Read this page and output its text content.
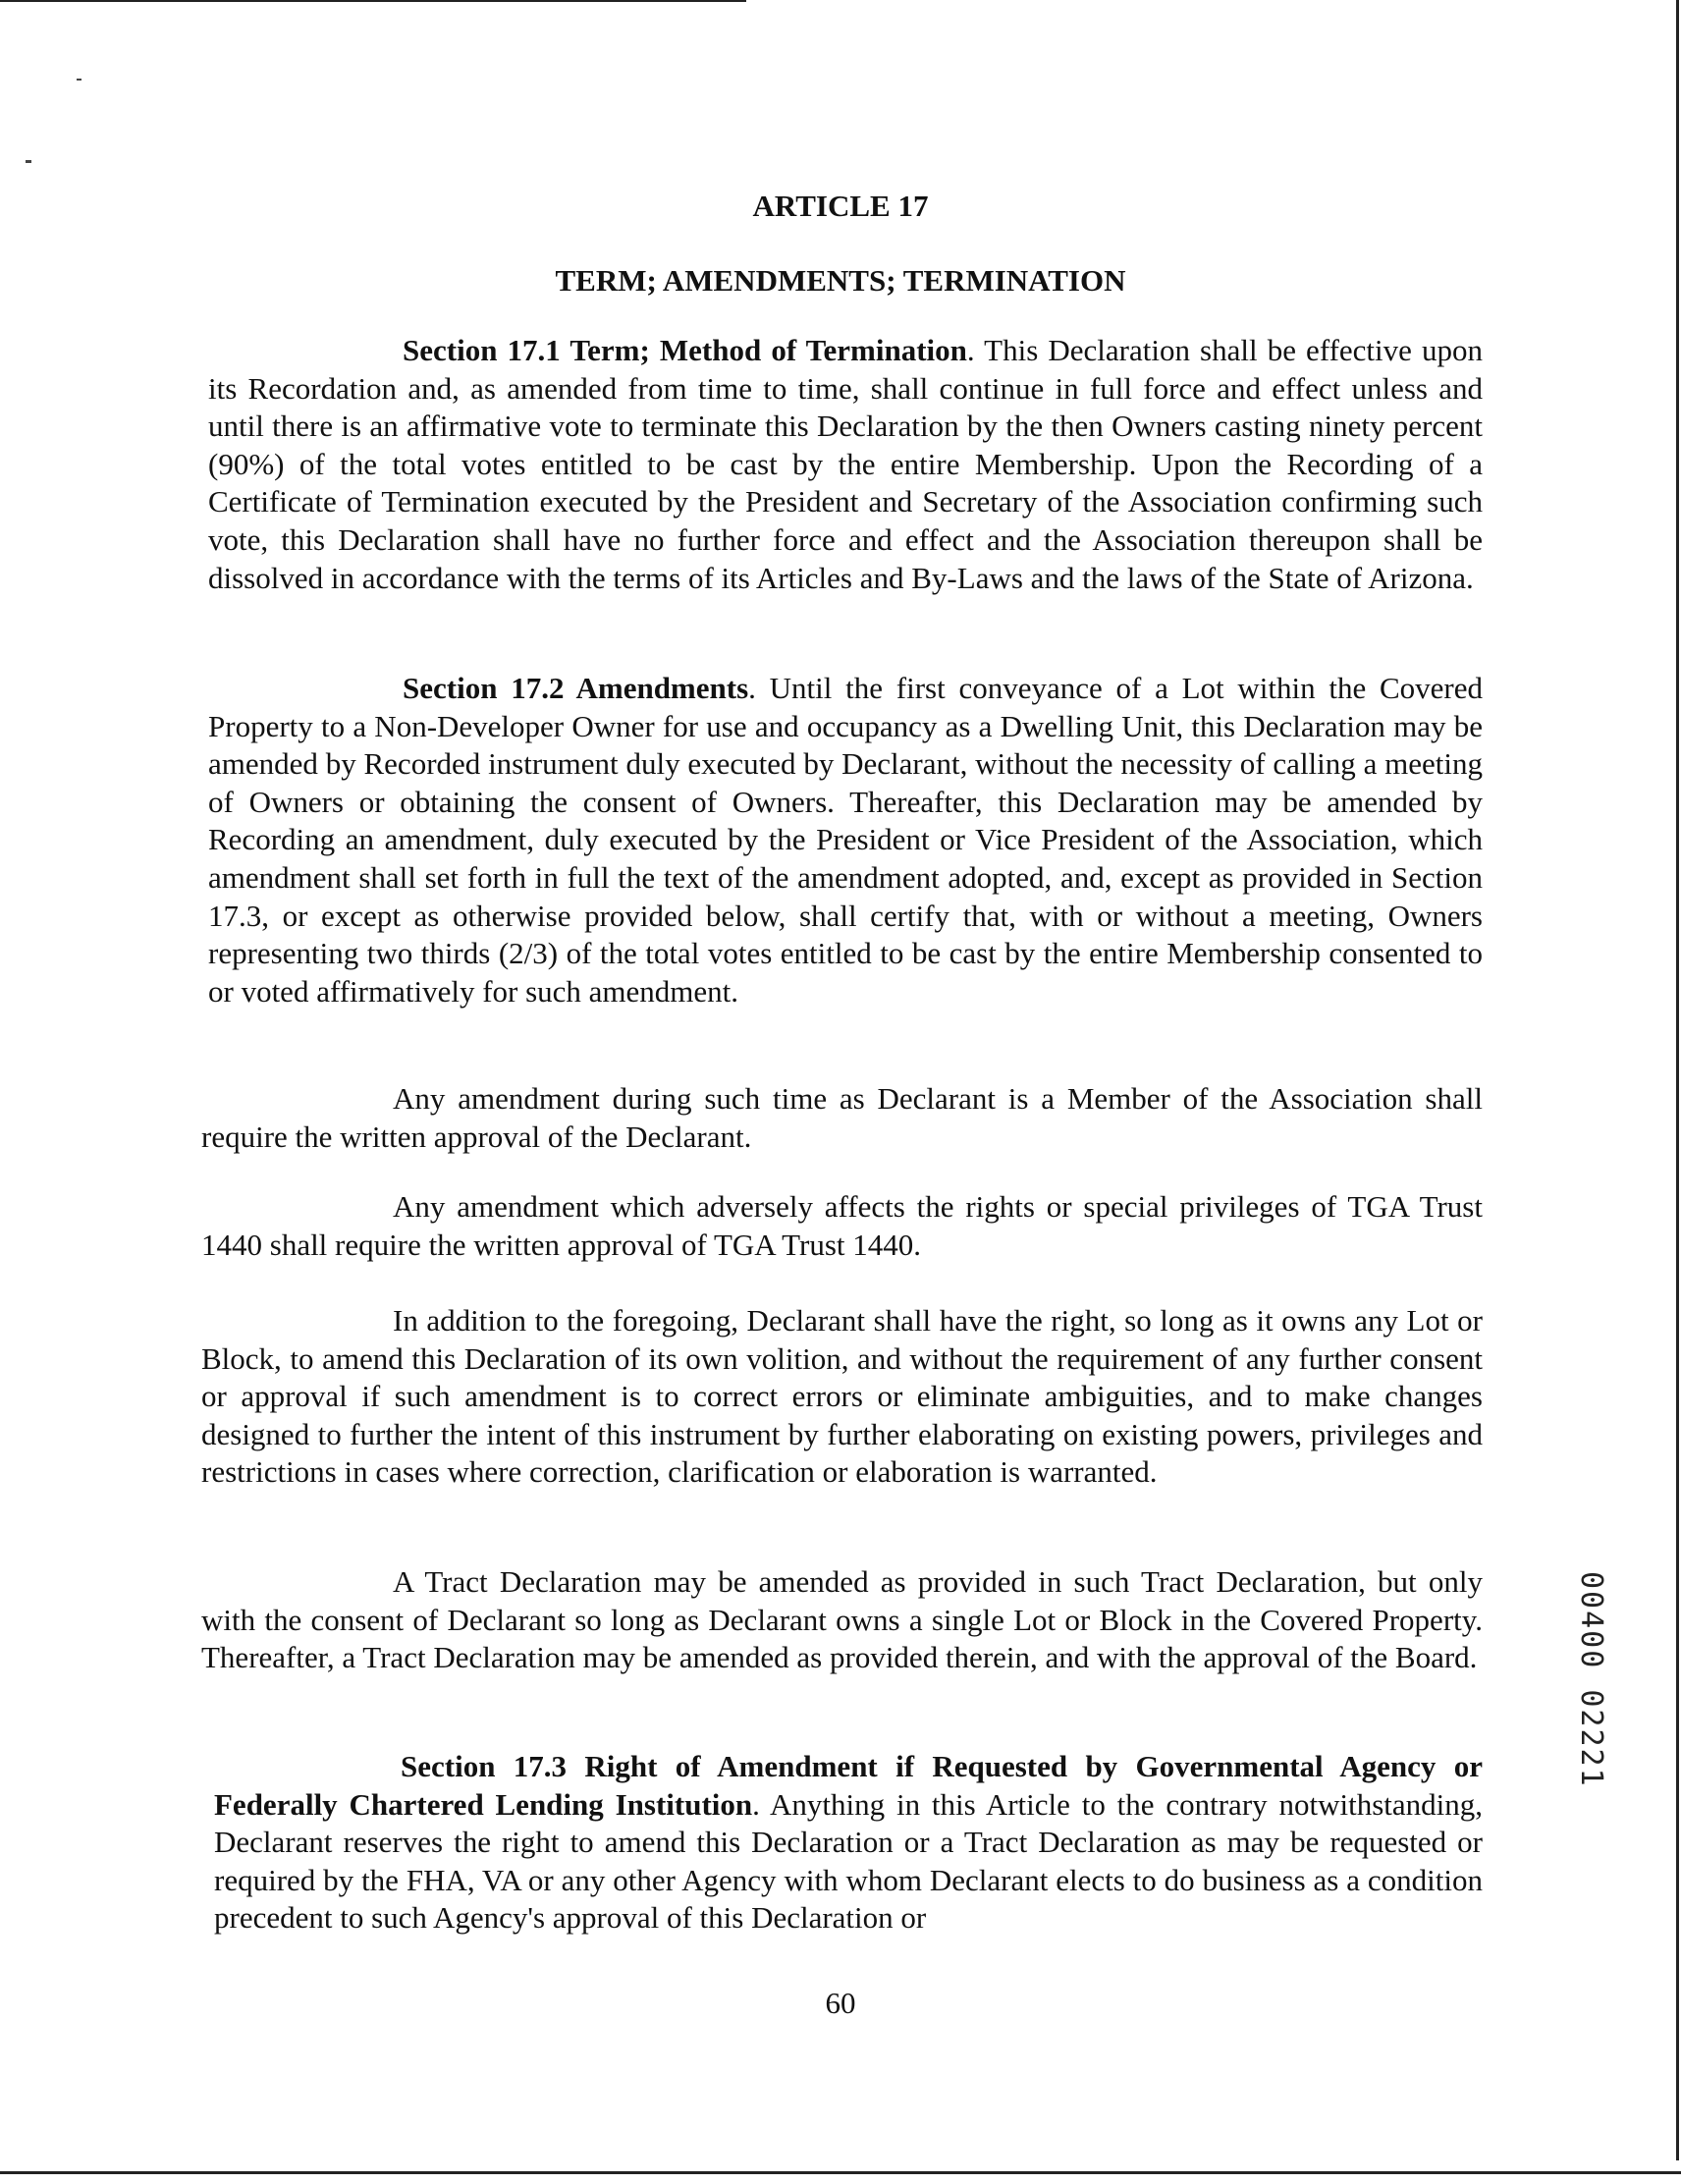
ARTICLE 17
TERM; AMENDMENTS; TERMINATION

Section 17.1 Term; Method of Termination. This Declaration shall be effective upon its Recordation and, as amended from time to time, shall continue in full force and effect unless and until there is an affirmative vote to terminate this Declaration by the then Owners casting ninety percent (90%) of the total votes entitled to be cast by the entire Membership. Upon the Recording of a Certificate of Termination executed by the President and Secretary of the Association confirming such vote, this Declaration shall have no further force and effect and the Association thereupon shall be dissolved in accordance with the terms of its Articles and By-Laws and the laws of the State of Arizona.

Section 17.2 Amendments. Until the first conveyance of a Lot within the Covered Property to a Non-Developer Owner for use and occupancy as a Dwelling Unit, this Declaration may be amended by Recorded instrument duly executed by Declarant, without the necessity of calling a meeting of Owners or obtaining the consent of Owners. Thereafter, this Declaration may be amended by Recording an amendment, duly executed by the President or Vice President of the Association, which amendment shall set forth in full the text of the amendment adopted, and, except as provided in Section 17.3, or except as otherwise provided below, shall certify that, with or without a meeting, Owners representing two thirds (2/3) of the total votes entitled to be cast by the entire Membership consented to or voted affirmatively for such amendment.

Any amendment during such time as Declarant is a Member of the Association shall require the written approval of the Declarant.

Any amendment which adversely affects the rights or special privileges of TGA Trust 1440 shall require the written approval of TGA Trust 1440.

In addition to the foregoing, Declarant shall have the right, so long as it owns any Lot or Block, to amend this Declaration of its own volition, and without the requirement of any further consent or approval if such amendment is to correct errors or eliminate ambiguities, and to make changes designed to further the intent of this instrument by further elaborating on existing powers, privileges and restrictions in cases where correction, clarification or elaboration is warranted.

A Tract Declaration may be amended as provided in such Tract Declaration, but only with the consent of Declarant so long as Declarant owns a single Lot or Block in the Covered Property. Thereafter, a Tract Declaration may be amended as provided therein, and with the approval of the Board.

Section 17.3 Right of Amendment if Requested by Governmental Agency or Federally Chartered Lending Institution. Anything in this Article to the contrary notwithstanding, Declarant reserves the right to amend this Declaration or a Tract Declaration as may be requested or required by the FHA, VA or any other Agency with whom Declarant elects to do business as a condition precedent to such Agency's approval of this Declaration or

60
00400 02221
